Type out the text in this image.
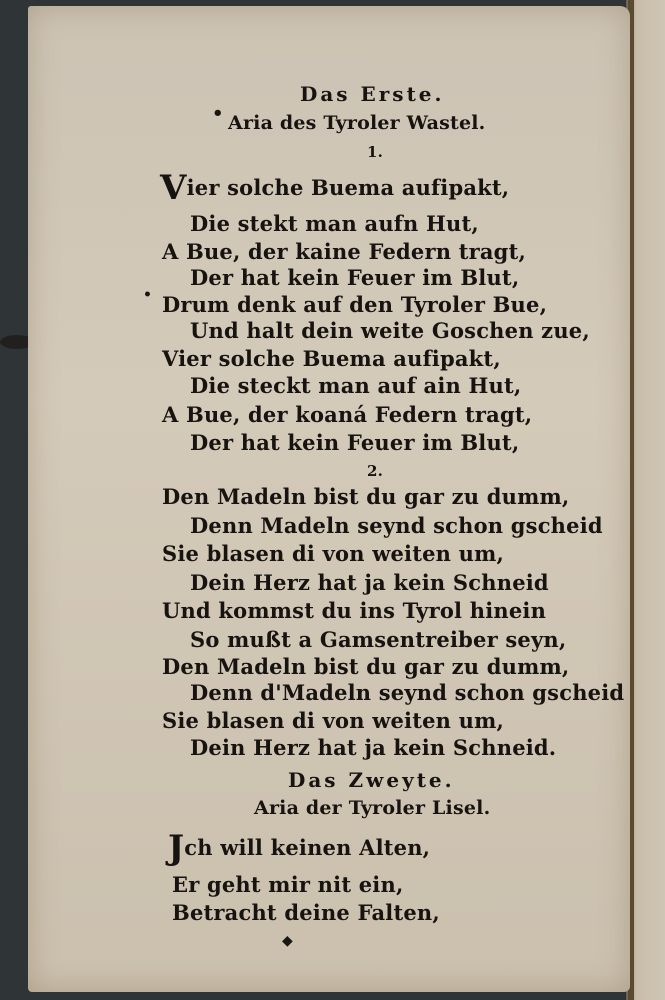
•
•
◆
Das Erste.
Aria des Tyroler Wastel.
1.
Vier solche Buema aufipakt,
Die stekt man aufn Hut,
A Bue, der kaine Federn tragt,
Der hat kein Feuer im Blut,
Drum denk auf den Tyroler Bue,
Und halt dein weite Goschen zue,
Vier solche Buema aufipakt,
Die steckt man auf ain Hut,
A Bue, der koaná Federn tragt,
Der hat kein Feuer im Blut,
2.
Den Madeln bist du gar zu dumm,
Denn Madeln seynd schon gscheid
Sie blasen di von weiten um,
Dein Herz hat ja kein Schneid
Und kommst du ins Tyrol hinein
So mußt a Gamsentreiber seyn,
Den Madeln bist du gar zu dumm,
Denn d'Madeln seynd schon gscheid
Sie blasen di von weiten um,
Dein Herz hat ja kein Schneid.
Das Zweyte.
Aria der Tyroler Lisel.
Jch will keinen Alten,
Er geht mir nit ein,
Betracht deine Falten,
